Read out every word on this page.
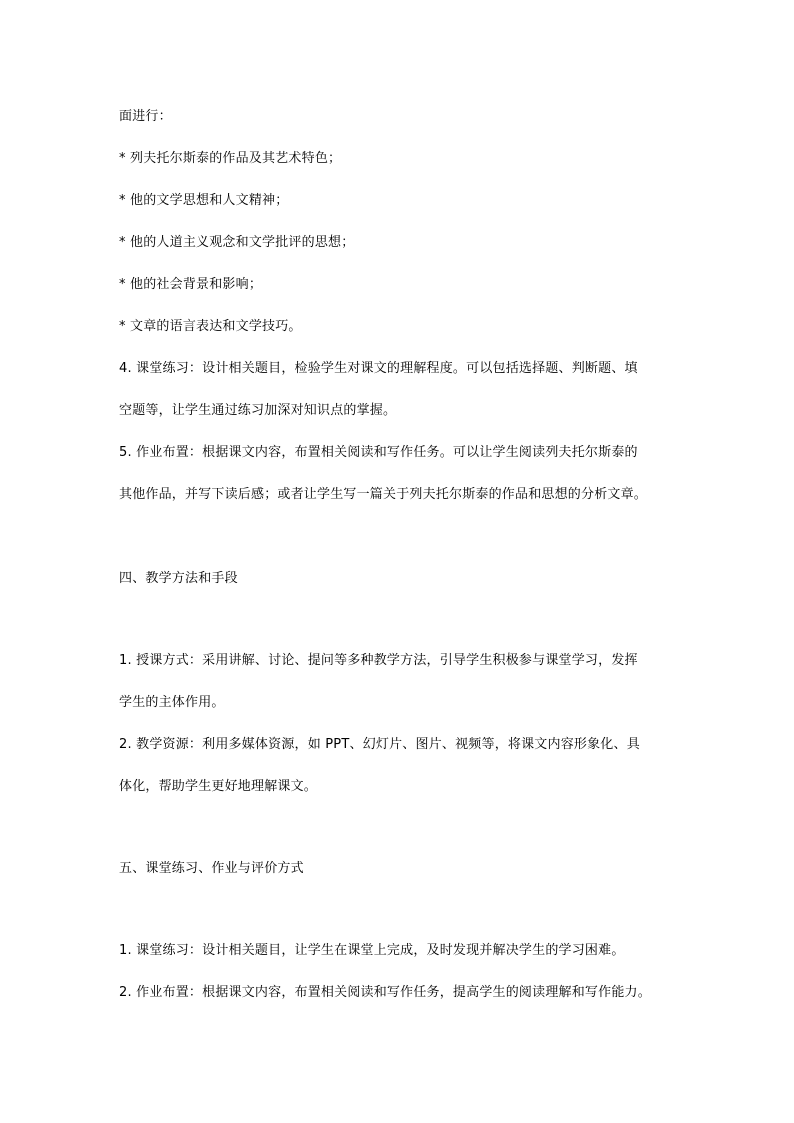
面进行：
* 列夫托尔斯泰的作品及其艺术特色；
* 他的文学思想和人文精神；
* 他的人道主义观念和文学批评的思想；
* 他的社会背景和影响；
* 文章的语言表达和文学技巧。
4. 课堂练习：设计相关题目，检验学生对课文的理解程度。可以包括选择题、判断题、填
空题等，让学生通过练习加深对知识点的掌握。
5. 作业布置：根据课文内容，布置相关阅读和写作任务。可以让学生阅读列夫托尔斯泰的
其他作品，并写下读后感；或者让学生写一篇关于列夫托尔斯泰的作品和思想的分析文章。
四、教学方法和手段
1. 授课方式：采用讲解、讨论、提问等多种教学方法，引导学生积极参与课堂学习，发挥
学生的主体作用。
2. 教学资源：利用多媒体资源，如 PPT、幻灯片、图片、视频等，将课文内容形象化、具
体化，帮助学生更好地理解课文。
五、课堂练习、作业与评价方式
1. 课堂练习：设计相关题目，让学生在课堂上完成，及时发现并解决学生的学习困难。
2. 作业布置：根据课文内容，布置相关阅读和写作任务，提高学生的阅读理解和写作能力。
